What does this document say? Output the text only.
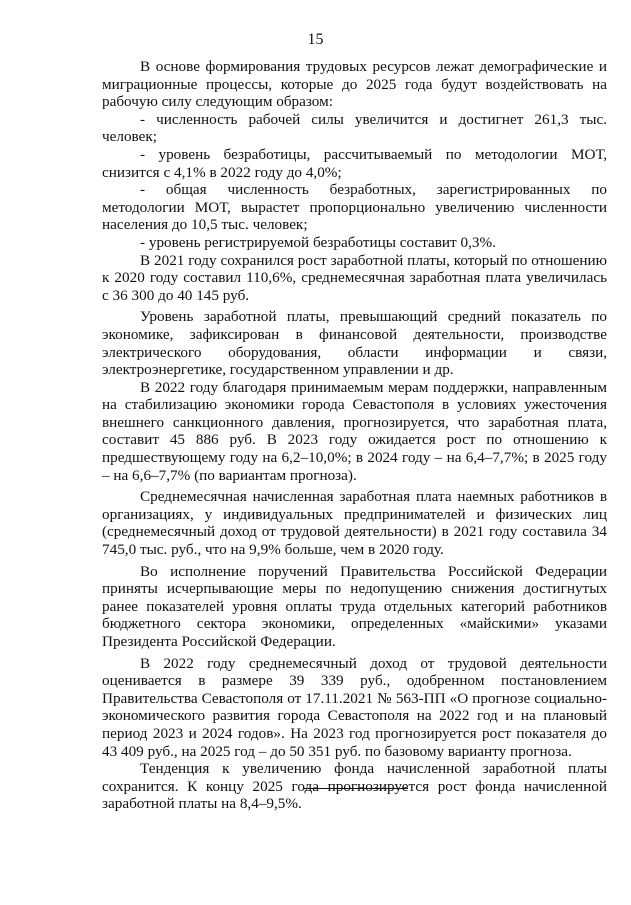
15

В основе формирования трудовых ресурсов лежат демографические и миграционные процессы, которые до 2025 года будут воздействовать на рабочую силу следующим образом:

- численность рабочей силы увеличится и достигнет 261,3 тыс. человек;

- уровень безработицы, рассчитываемый по методологии МОТ, снизится с 4,1% в 2022 году до 4,0%;

- общая численность безработных, зарегистрированных по методологии МОТ, вырастет пропорционально увеличению численности населения до 10,5 тыс. человек;

- уровень регистрируемой безработицы составит 0,3%.

В 2021 году сохранился рост заработной платы, который по отношению к 2020 году составил 110,6%, среднемесячная заработная плата увеличилась с 36 300 до 40 145 руб.

Уровень заработной платы, превышающий средний показатель по экономике, зафиксирован в финансовой деятельности, производстве электрического оборудования, области информации и связи, электроэнергетике, государственном управлении и др.

В 2022 году благодаря принимаемым мерам поддержки, направленным на стабилизацию экономики города Севастополя в условиях ужесточения внешнего санкционного давления, прогнозируется, что заработная плата, составит 45 886 руб. В 2023 году ожидается рост по отношению к предшествующему году на 6,2–10,0%; в 2024 году – на 6,4–7,7%; в 2025 году – на 6,6–7,7% (по вариантам прогноза).

Среднемесячная начисленная заработная плата наемных работников в организациях, у индивидуальных предпринимателей и физических лиц (среднемесячный доход от трудовой деятельности) в 2021 году составила 34 745,0 тыс. руб., что на 9,9% больше, чем в 2020 году.

Во исполнение поручений Правительства Российской Федерации приняты исчерпывающие меры по недопущению снижения достигнутых ранее показателей уровня оплаты труда отдельных категорий работников бюджетного сектора экономики, определенных «майскими» указами Президента Российской Федерации.

В 2022 году среднемесячный доход от трудовой деятельности оценивается в размере 39 339 руб., одобренном постановлением Правительства Севастополя от 17.11.2021 № 563-ПП «О прогнозе социально-экономического развития города Севастополя на 2022 год и на плановый период 2023 и 2024 годов». На 2023 год прогнозируется рост показателя до 43 409 руб., на 2025 год – до 50 351 руб. по базовому варианту прогноза.

Тенденция к увеличению фонда начисленной заработной платы сохранится. К концу 2025 года прогнозируется рост фонда начисленной заработной платы на 8,4–9,5%.
